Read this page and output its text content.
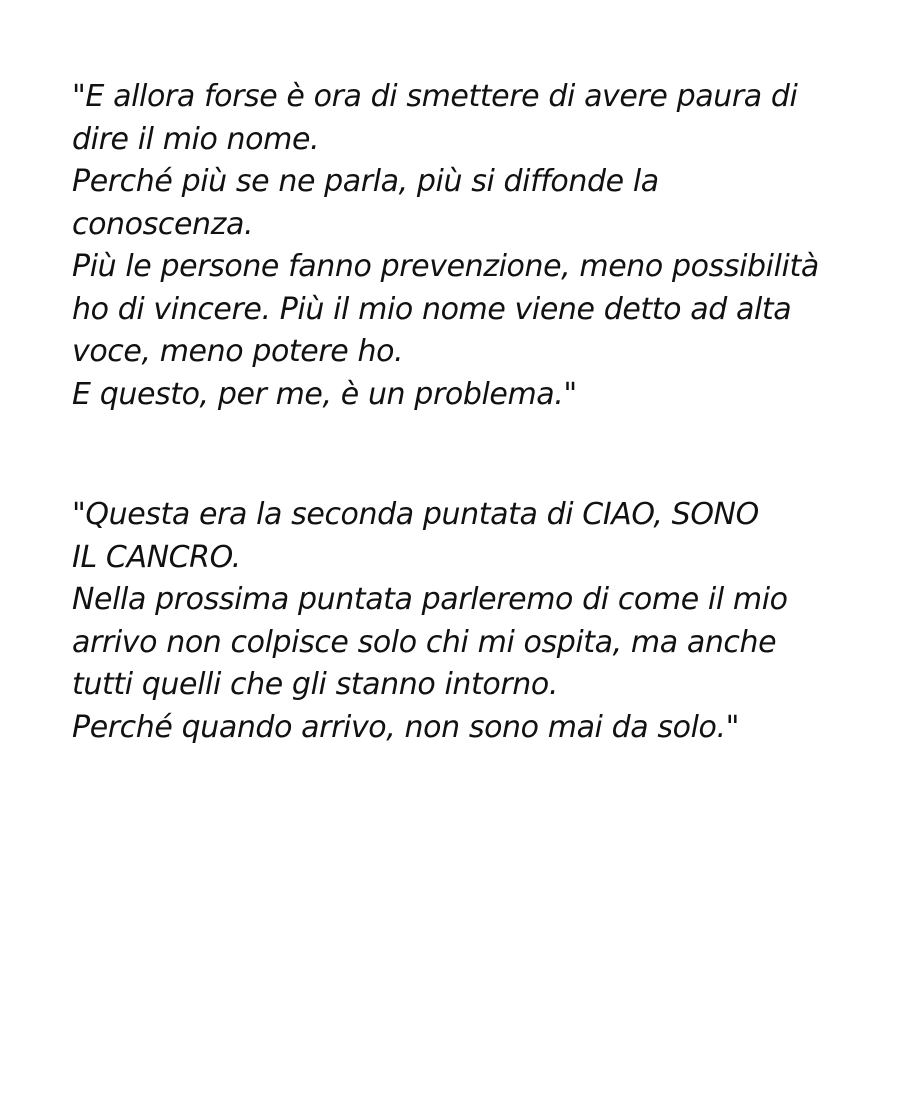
"E allora forse è ora di smettere di avere paura di
dire il mio nome.
Perché più se ne parla, più si diffonde la
conoscenza.
Più le persone fanno prevenzione, meno possibilità
ho di vincere. Più il mio nome viene detto ad alta
voce, meno potere ho.
E questo, per me, è un problema."
"Questa era la seconda puntata di CIAO, SONO
IL CANCRO.
Nella prossima puntata parleremo di come il mio
arrivo non colpisce solo chi mi ospita, ma anche
tutti quelli che gli stanno intorno.
Perché quando arrivo, non sono mai da solo."
